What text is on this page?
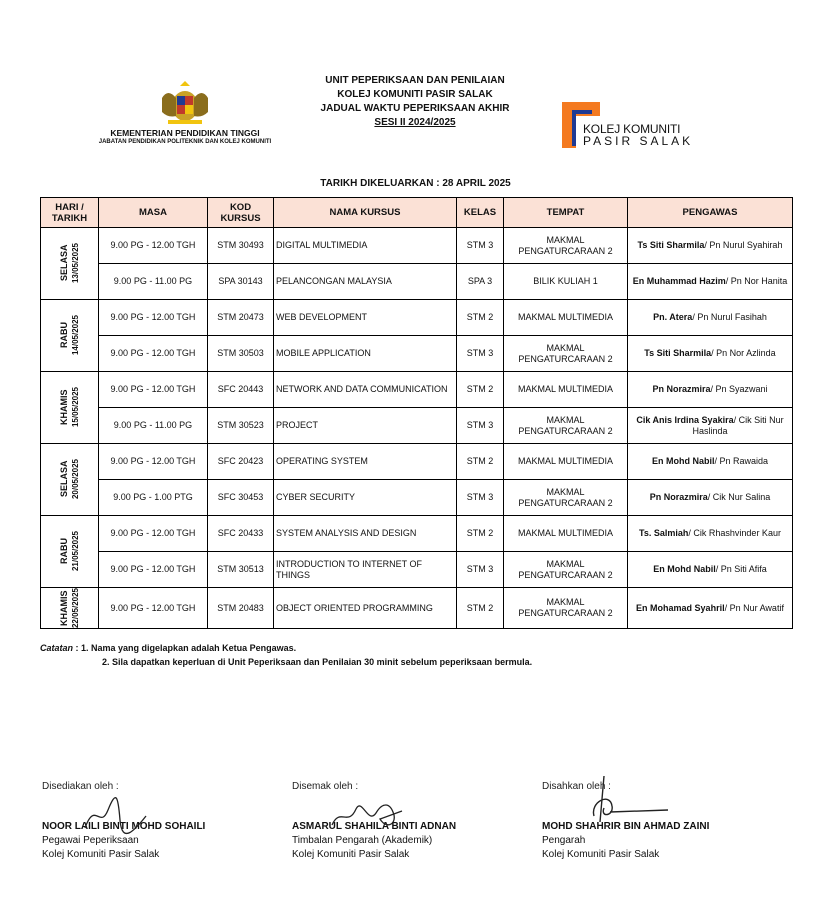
KEMENTERIAN PENDIDIKAN TINGGI
JABATAN PENDIDIKAN POLITEKNIK DAN KOLEJ KOMUNITI
UNIT PEPERIKSAAN DAN PENILAIAN
KOLEJ KOMUNITI PASIR SALAK
JADUAL WAKTU PEPERIKSAAN AKHIR
SESI II 2024/2025	KOLEJ KOMUNITI
PASIR SALAK
TARIKH DIKELUARKAN : 28 APRIL 2025
HARI / TARIKH	MASA	KOD KURSUS	NAMA KURSUS	KELAS	TEMPAT	PENGAWAS

SELASA 13/05/2025	9.00 PG - 12.00 TGH	STM 30493	DIGITAL MULTIMEDIA	STM 3	MAKMAL PENGATURCARAAN 2	Ts Siti Sharmila/ Pn Nurul Syahirah
	9.00 PG - 11.00 PG	SPA 30143	PELANCONGAN MALAYSIA	SPA 3	BILIK KULIAH 1	En Muhammad Hazim/ Pn Nor Hanita

RABU 14/05/2025	9.00 PG - 12.00 TGH	STM 20473	WEB DEVELOPMENT	STM 2	MAKMAL MULTIMEDIA	Pn. Atera/ Pn Nurul Fasihah
	9.00 PG - 12.00 TGH	STM 30503	MOBILE APPLICATION	STM 3	MAKMAL PENGATURCARAAN 2	Ts Siti Sharmila/ Pn Nor Azlinda

KHAMIS 15/05/2025	9.00 PG - 12.00 TGH	SFC 20443	NETWORK AND DATA COMMUNICATION	STM 2	MAKMAL MULTIMEDIA	Pn Norazmira/ Pn Syazwani
	9.00 PG - 11.00 PG	STM 30523	PROJECT	STM 3	MAKMAL PENGATURCARAAN 2	Cik Anis Irdina Syakira/ Cik Siti Nur Haslinda

SELASA 20/05/2025	9.00 PG - 12.00 TGH	SFC 20423	OPERATING SYSTEM	STM 2	MAKMAL MULTIMEDIA	En Mohd Nabil/ Pn Rawaida
	9.00 PG - 1.00 PTG	SFC 30453	CYBER SECURITY	STM 3	MAKMAL PENGATURCARAAN 2	Pn Norazmira/ Cik Nur Salina

RABU 21/05/2025	9.00 PG - 12.00 TGH	SFC 20433	SYSTEM ANALYSIS AND DESIGN	STM 2	MAKMAL MULTIMEDIA	Ts. Salmiah/ Cik Rhashvinder Kaur
	9.00 PG - 12.00 TGH	STM 30513	INTRODUCTION TO INTERNET OF THINGS	STM 3	MAKMAL PENGATURCARAAN 2	En Mohd Nabil/ Pn Siti Afifa

KHAMIS 22/05/2025	9.00 PG - 12.00 TGH	STM 20483	OBJECT ORIENTED PROGRAMMING	STM 2	MAKMAL PENGATURCARAAN 2	En Mohamad Syahril/ Pn Nur Awatif
Catatan : 1. Nama yang digelapkan adalah Ketua Pengawas.
2. Sila dapatkan keperluan di Unit Peperiksaan dan Penilaian 30 minit sebelum peperiksaan bermula.
Disediakan oleh :
NOOR LAILI BINTI MOHD SOHAILI
Pegawai Peperiksaan
Kolej Komuniti Pasir Salak
Disemak oleh :
ASMARUL SHAHILA BINTI ADNAN
Timbalan Pengarah (Akademik)
Kolej Komuniti Pasir Salak
Disahkan oleh :
MOHD SHAHRIR BIN AHMAD ZAINI
Pengarah
Kolej Komuniti Pasir Salak
